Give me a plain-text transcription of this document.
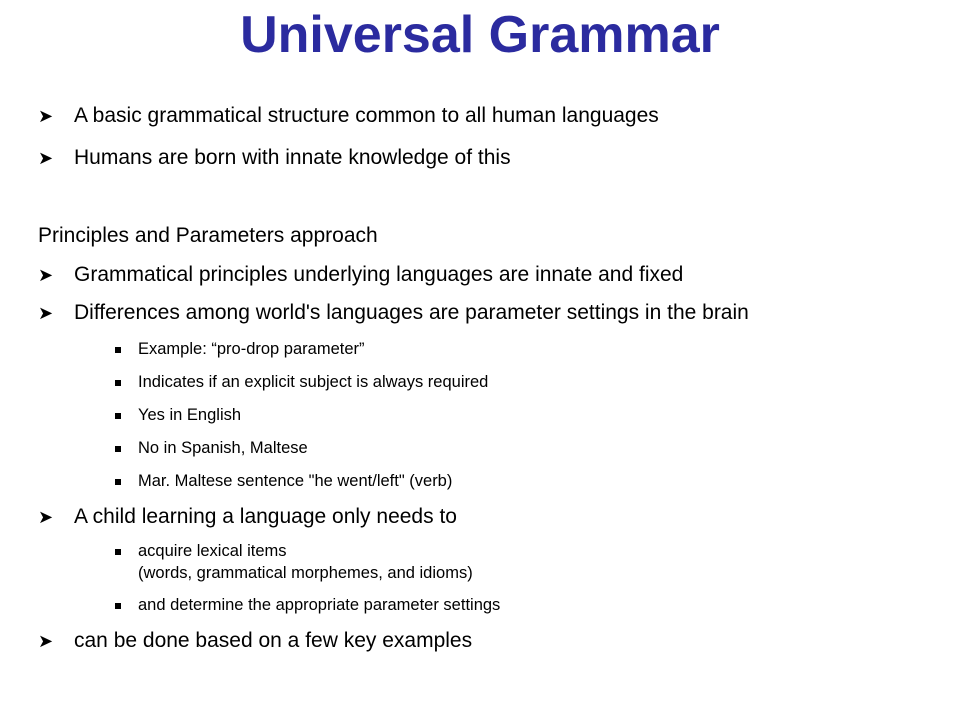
Universal Grammar
➤ A basic grammatical structure common to all human languages
➤ Humans are born with innate knowledge of this
Principles and Parameters approach
➤ Grammatical principles underlying languages are innate and fixed
➤ Differences among world's languages are parameter settings in the brain
Example: “pro-drop parameter”
Indicates if an explicit subject is always required
Yes in English
No in Spanish, Maltese
Mar. Maltese sentence "he went/left" (verb)
➤ A child learning a language only needs to
acquire lexical items
(words, grammatical morphemes, and idioms)
and determine the appropriate parameter settings
➤ can be done based on a few key examples
